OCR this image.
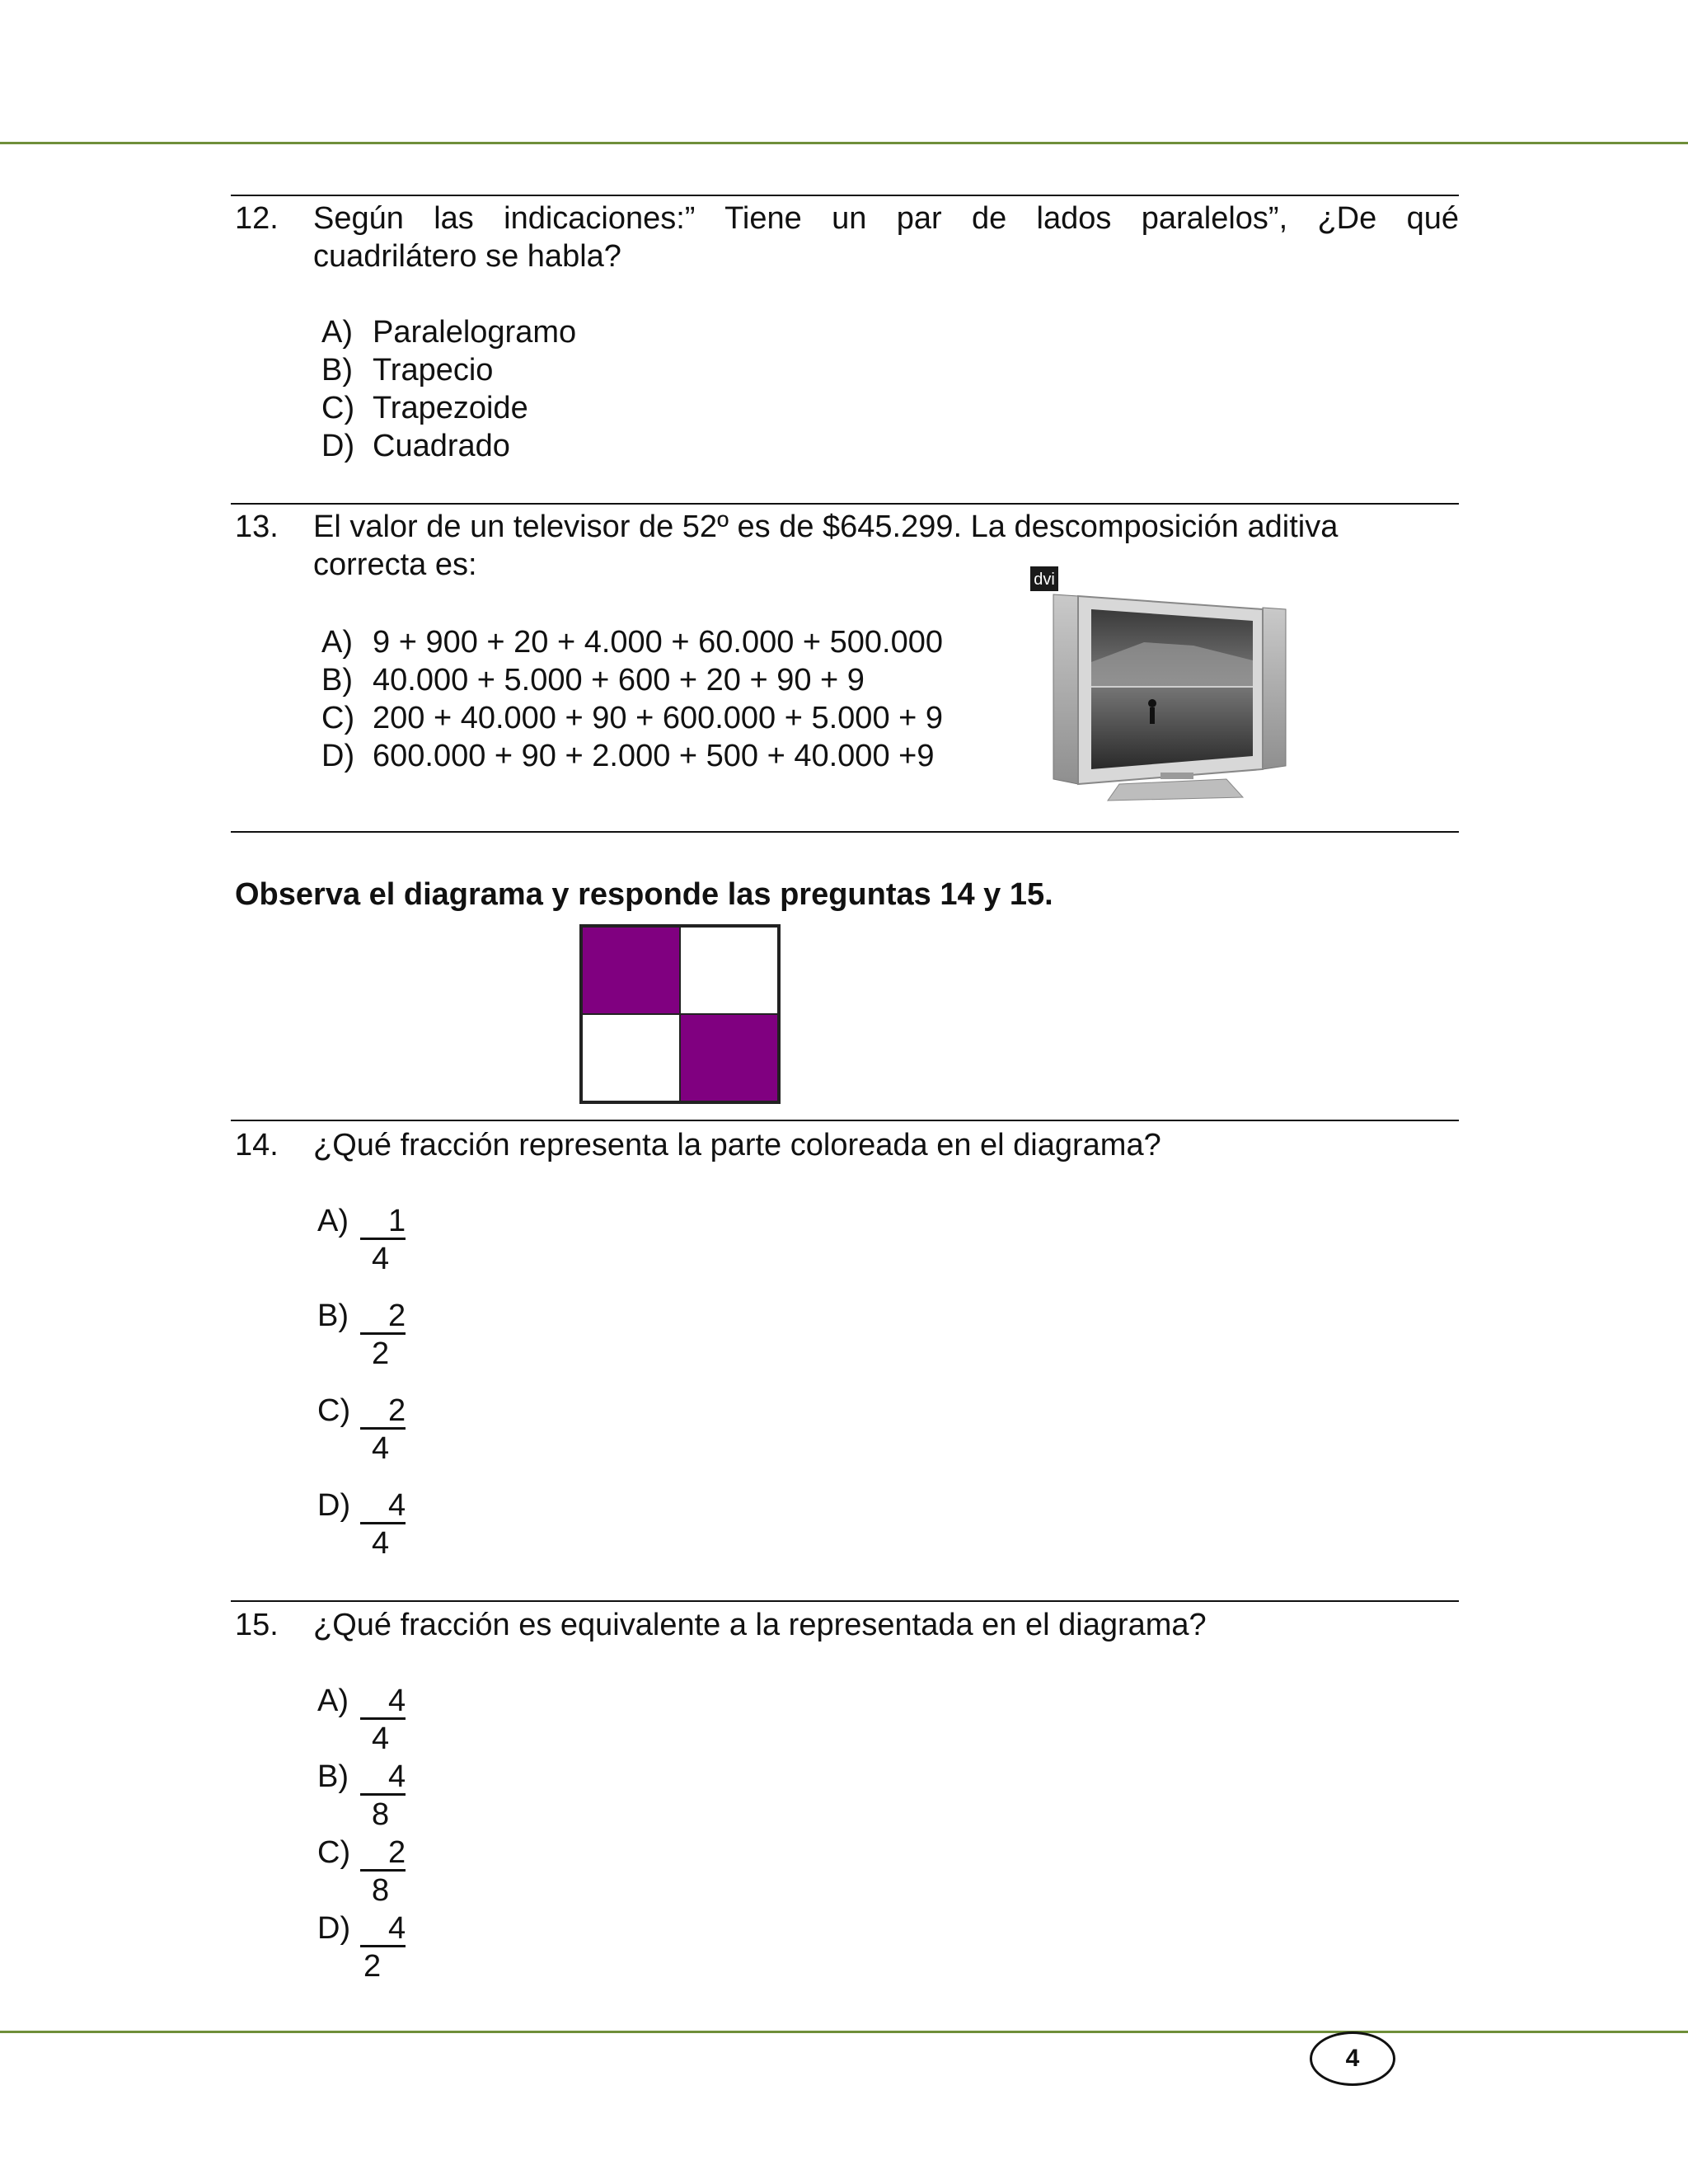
12. Según las indicaciones:” Tiene un par de lados paralelos”, ¿De qué
cuadrilátero se habla?
A) Paralelogramo
B) Trapecio
C) Trapezoide
D) Cuadrado
13. El valor de un televisor de 52º es de $645.299. La descomposición aditiva
correcta es:
A) 9 + 900 + 20 + 4.000 + 60.000 + 500.000
B) 40.000 + 5.000 + 600 + 20 + 90 + 9
C) 200 + 40.000 + 90 + 600.000 + 5.000 + 9
D) 600.000 + 90 + 2.000 + 500 + 40.000 +9
dvi
Observa el diagrama y responde las preguntas 14 y 15.
14. ¿Qué fracción representa la parte coloreada en el diagrama?
A) 1
4
B) 2
2
C) 2
4
D) 4
4
15. ¿Qué fracción es equivalente a la representada en el diagrama?
A) 4
4
B) 4
8
C) 2
8
D) 4
2
4
